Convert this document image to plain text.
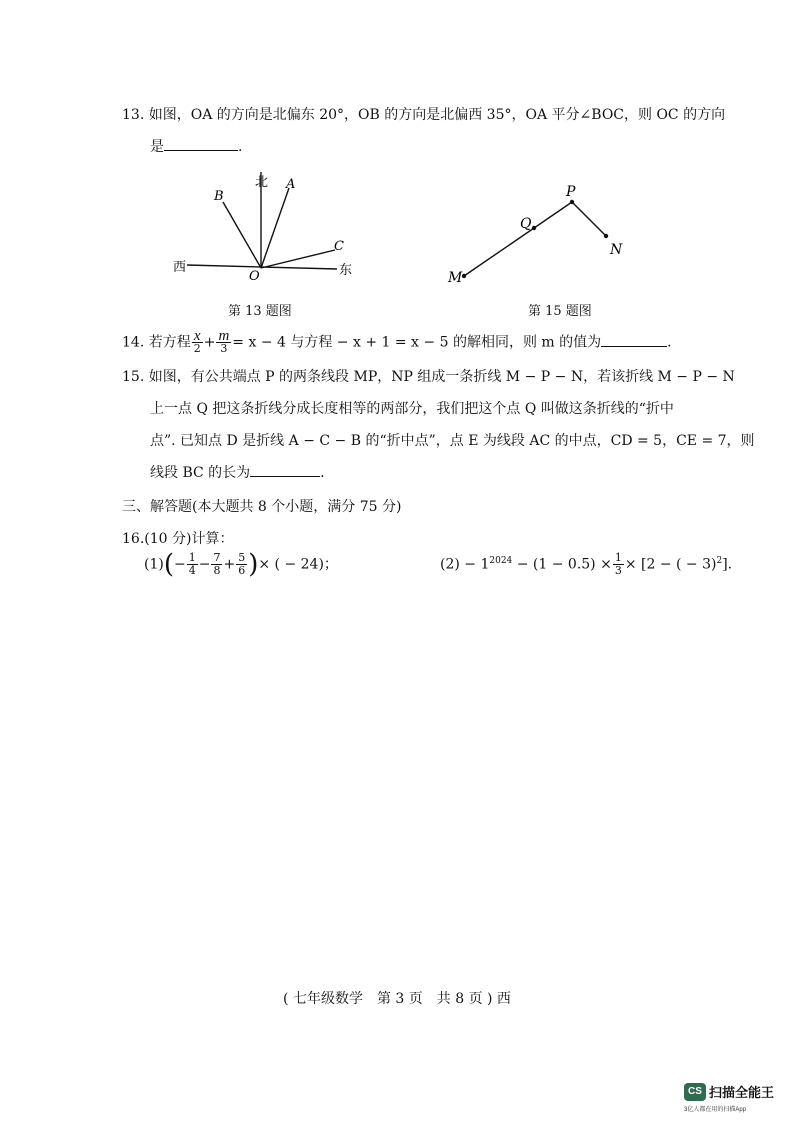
13. 如图，OA 的方向是北偏东 20°，OB 的方向是北偏西 35°，OA 平分∠BOC，则 OC 的方向
是	.
北
西	东
O
A
B
C
第 13 题图
M
Q
P
N
第 15 题图
14. 若方程 $\frac{x}{2} + \frac{m}{3} = x - 4$ 与方程 − x + 1 = x − 5 的解相同，则 m 的值为	.
15. 如图，有公共端点 P 的两条线段 MP，NP 组成一条折线 M − P − N，若该折线 M − P − N
上一点 Q 把这条折线分成长度相等的两部分，我们把这个点 Q 叫做这条折线的“折中
点”. 已知点 D 是折线 A − C − B 的“折中点”，点 E 为线段 AC 的中点，CD = 5，CE = 7，则
线段 BC 的长为	.
三、解答题(本大题共 8 个小题，满分 75 分)
16.(10 分)计算：
$(1)(- \frac{1}{4} - \frac{7}{8} + \frac{5}{6}$ )× ( − 24)；	$(2) - 1^{2024} - (1 - 0.5) \times \frac{1}{3} \times [2$ − ( − 3)$^2$].
( 七年级数学　第 3 页　共 8 页 ) 西
CS 扫描全能王
3亿人都在用的扫描App
